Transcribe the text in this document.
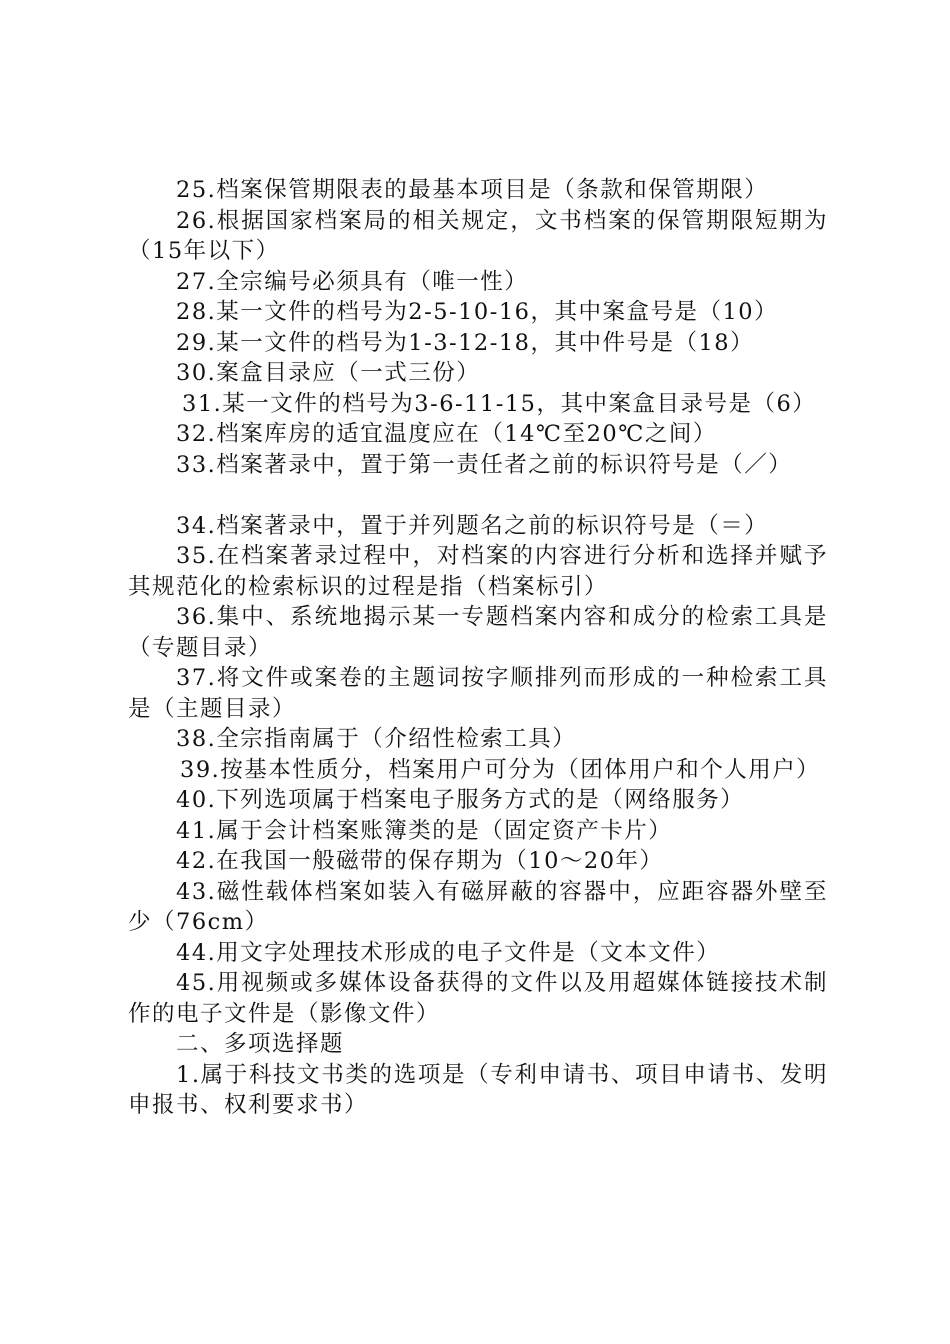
25.档案保管期限表的最基本项目是（条款和保管期限）

26.根据国家档案局的相关规定，文书档案的保管期限短期为（15年以下）

27.全宗编号必须具有（唯一性）

28.某一文件的档号为2-5-10-16，其中案盒号是（10）

29.某一文件的档号为1-3-12-18，其中件号是（18）

30.案盒目录应（一式三份）

31.某一文件的档号为3-6-11-15，其中案盒目录号是（6）

32.档案库房的适宜温度应在（14℃至20℃之间）

33.档案著录中，置于第一责任者之前的标识符号是（／）

34.档案著录中，置于并列题名之前的标识符号是（＝）

35.在档案著录过程中，对档案的内容进行分析和选择并赋予其规范化的检索标识的过程是指（档案标引）

36.集中、系统地揭示某一专题档案内容和成分的检索工具是（专题目录）

37.将文件或案卷的主题词按字顺排列而形成的一种检索工具是（主题目录）

38.全宗指南属于（介绍性检索工具）

39.按基本性质分，档案用户可分为（团体用户和个人用户）

40.下列选项属于档案电子服务方式的是（网络服务）

41.属于会计档案账簿类的是（固定资产卡片）

42.在我国一般磁带的保存期为（10～20年）

43.磁性载体档案如装入有磁屏蔽的容器中，应距容器外壁至少（76cm）

44.用文字处理技术形成的电子文件是（文本文件）

45.用视频或多媒体设备获得的文件以及用超媒体链接技术制作的电子文件是（影像文件）

二、多项选择题

1.属于科技文书类的选项是（专利申请书、项目申请书、发明申报书、权利要求书）
